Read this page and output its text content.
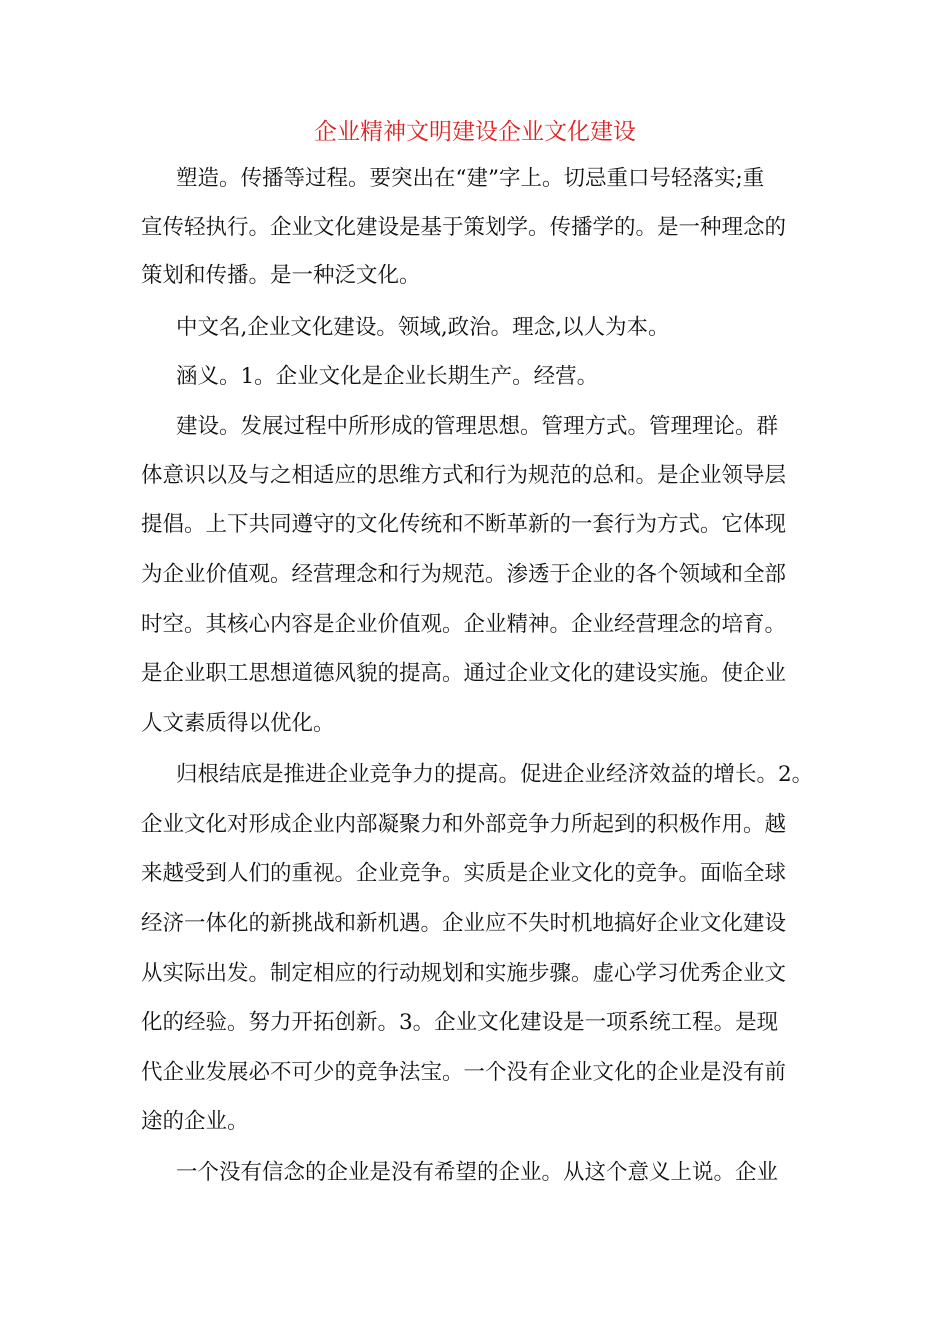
企业精神文明建设企业文化建设

塑造。传播等过程。要突出在“建”字上。切忌重口号轻落实;重

宣传轻执行。企业文化建设是基于策划学。传播学的。是一种理念的

策划和传播。是一种泛文化。

中文名,企业文化建设。领域,政治。理念,以人为本。

涵义。1。企业文化是企业长期生产。经营。

建设。发展过程中所形成的管理思想。管理方式。管理理论。群

体意识以及与之相适应的思维方式和行为规范的总和。是企业领导层

提倡。上下共同遵守的文化传统和不断革新的一套行为方式。它体现

为企业价值观。经营理念和行为规范。渗透于企业的各个领域和全部

时空。其核心内容是企业价值观。企业精神。企业经营理念的培育。

是企业职工思想道德风貌的提高。通过企业文化的建设实施。使企业

人文素质得以优化。

归根结底是推进企业竞争力的提高。促进企业经济效益的增长。2。

企业文化对形成企业内部凝聚力和外部竞争力所起到的积极作用。越

来越受到人们的重视。企业竞争。实质是企业文化的竞争。面临全球

经济一体化的新挑战和新机遇。企业应不失时机地搞好企业文化建设

从实际出发。制定相应的行动规划和实施步骤。虚心学习优秀企业文

化的经验。努力开拓创新。3。企业文化建设是一项系统工程。是现

代企业发展必不可少的竞争法宝。一个没有企业文化的企业是没有前

途的企业。

一个没有信念的企业是没有希望的企业。从这个意义上说。企业
